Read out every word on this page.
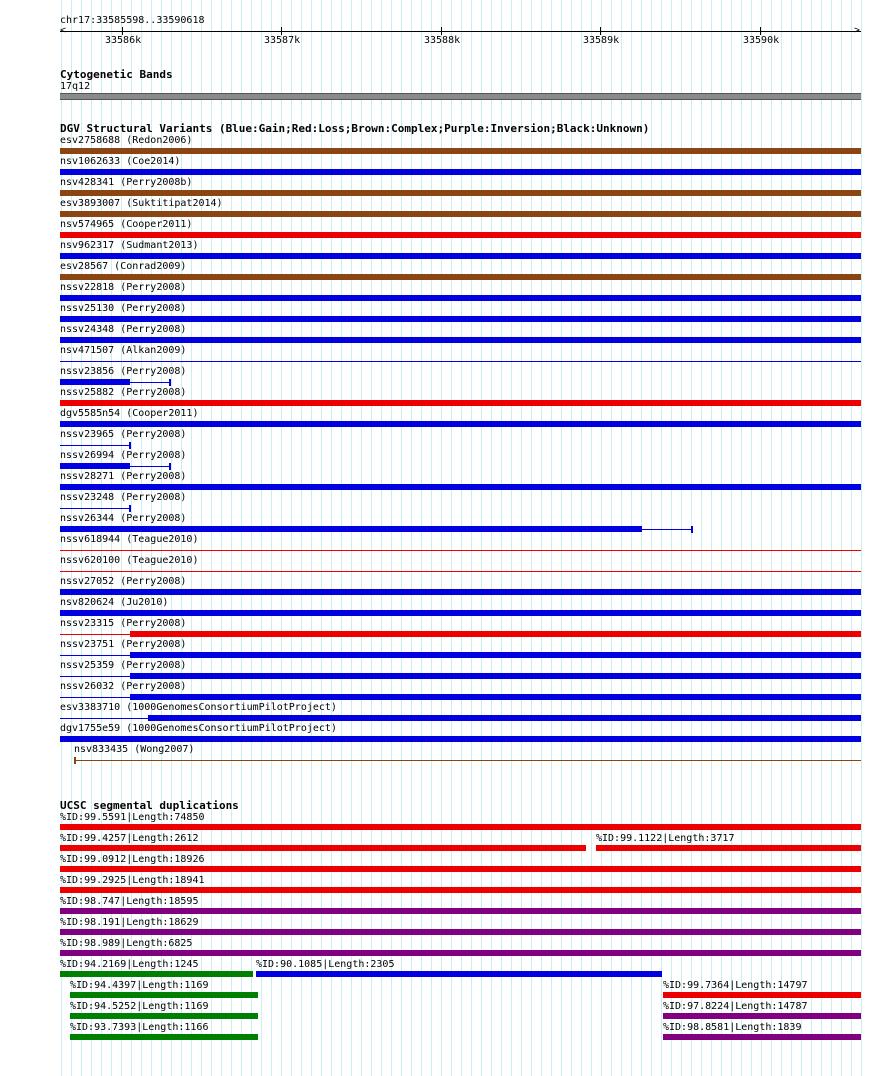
chr17:33585598..33590618
<	>
33586k	33587k	33588k	33589k	33590k
Cytogenetic Bands
17q12
DGV Structural Variants (Blue:Gain;Red:Loss;Brown:Complex;Purple:Inversion;Black:Unknown)
esv2758688 (Redon2006)
nsv1062633 (Coe2014)
nsv428341 (Perry2008b)
esv3893007 (Suktitipat2014)
nsv574965 (Cooper2011)
nsv962317 (Sudmant2013)
esv28567 (Conrad2009)
nssv22818 (Perry2008)
nssv25130 (Perry2008)
nssv24348 (Perry2008)
nsv471507 (Alkan2009)
nssv23856 (Perry2008)
nssv25882 (Perry2008)
dgv5585n54 (Cooper2011)
nssv23965 (Perry2008)
nssv26994 (Perry2008)
nssv28271 (Perry2008)
nssv23248 (Perry2008)
nssv26344 (Perry2008)
nssv618944 (Teague2010)
nssv620100 (Teague2010)
nssv27052 (Perry2008)
nsv820624 (Ju2010)
nssv23315 (Perry2008)
nssv23751 (Perry2008)
nssv25359 (Perry2008)
nssv26032 (Perry2008)
esv3383710 (1000GenomesConsortiumPilotProject)
dgv1755e59 (1000GenomesConsortiumPilotProject)
nsv833435 (Wong2007)
UCSC segmental duplications
%ID:99.5591|Length:74850
%ID:99.4257|Length:2612	%ID:99.1122|Length:3717
%ID:99.0912|Length:18926
%ID:99.2925|Length:18941
%ID:98.747|Length:18595
%ID:98.191|Length:18629
%ID:98.989|Length:6825
%ID:94.2169|Length:1245	%ID:90.1085|Length:2305
%ID:94.4397|Length:1169	%ID:99.7364|Length:14797
%ID:94.5252|Length:1169	%ID:97.8224|Length:14787
%ID:93.7393|Length:1166	%ID:98.8581|Length:1839
